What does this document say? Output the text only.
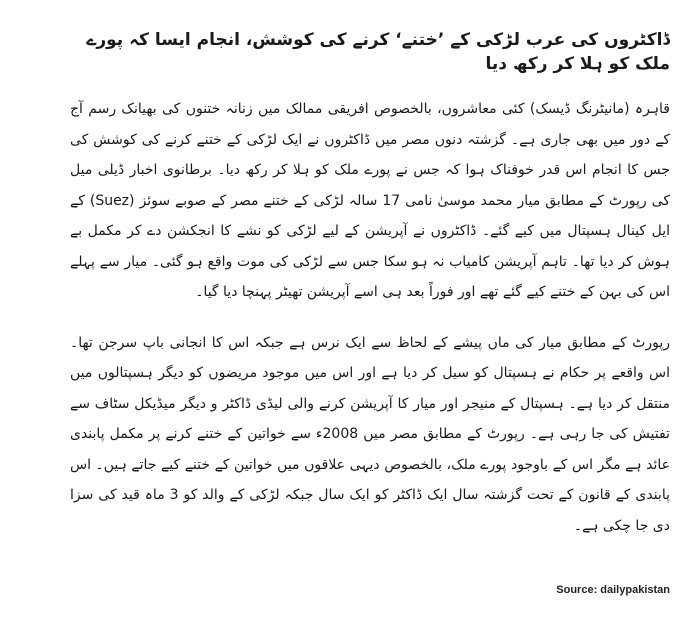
ڈاکٹروں کی عرب لڑکی کے ’ختنے‘ کرنے کی کوشش، انجام ایسا کہ پورے ملک کو ہلا کر رکھ دیا

قاہرہ (مانیٹرنگ ڈیسک) کئی معاشروں، بالخصوص افریقی ممالک میں زنانہ ختنوں کی بھیانک رسم آج کے دور میں بھی جاری ہے۔ گزشتہ دنوں مصر میں ڈاکٹروں نے ایک لڑکی کے ختنے کرنے کی کوشش کی جس کا انجام اس قدر خوفناک ہوا کہ جس نے پورے ملک کو ہلا کر رکھ دیا۔ برطانوی اخبار ڈیلی میل کی رپورٹ کے مطابق میار محمد موسیٰ نامی 17 سالہ لڑکی کے ختنے مصر کے صوبے سوئز (Suez) کے ایل کینال ہسپتال میں کیے گئے۔ ڈاکٹروں نے آپریشن کے لیے لڑکی کو نشے کا انجکشن دے کر مکمل بے ہوش کر دیا تھا۔ تاہم آپریشن کامیاب نہ ہو سکا جس سے لڑکی کی موت واقع ہو گئی۔ میار سے پہلے اس کی بہن کے ختنے کیے گئے تھے اور فوراً بعد ہی اسے آپریشن تھیٹر پہنچا دیا گیا۔

رپورٹ کے مطابق میار کی ماں پیشے کے لحاظ سے ایک نرس ہے جبکہ اس کا انجانی باپ سرجن تھا۔ اس واقعے پر حکام نے ہسپتال کو سیل کر دیا ہے اور اس میں موجود مریضوں کو دیگر ہسپتالوں میں منتقل کر دیا ہے۔ ہسپتال کے منیجر اور میار کا آپریشن کرنے والی لیڈی ڈاکٹر و دیگر میڈیکل سٹاف سے تفتیش کی جا رہی ہے۔ رپورٹ کے مطابق مصر میں 2008ء سے خواتین کے ختنے کرنے پر مکمل پابندی عائد ہے مگر اس کے باوجود پورے ملک، بالخصوص دیہی علاقوں میں خواتین کے ختنے کیے جاتے ہیں۔ اس پابندی کے قانون کے تحت گزشتہ سال ایک ڈاکٹر کو ایک سال جبکہ لڑکی کے والد کو 3 ماہ قید کی سزا دی جا چکی ہے۔

Source: dailypakistan
